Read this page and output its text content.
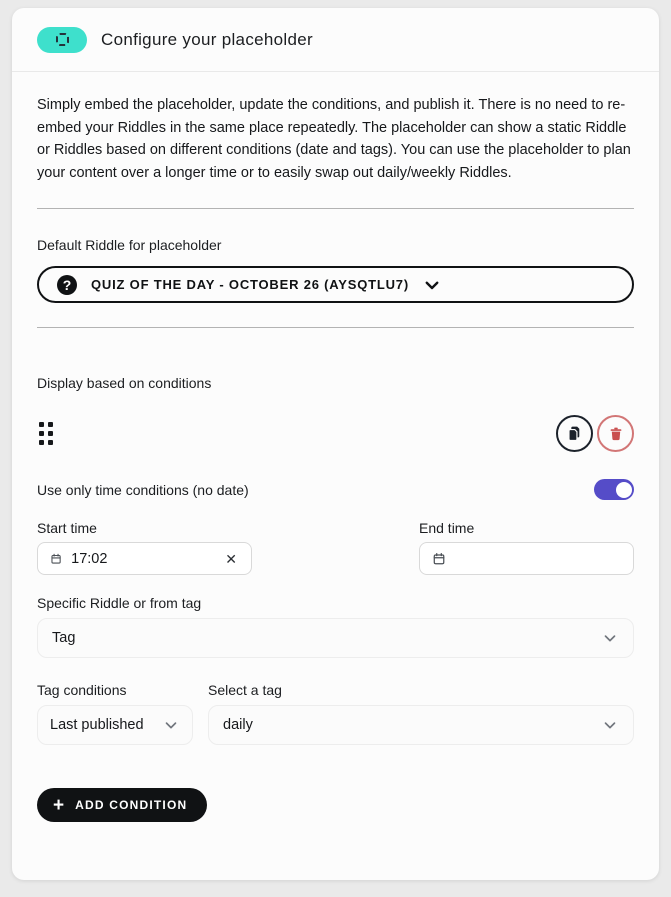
Configure your placeholder

Simply embed the placeholder, update the conditions, and publish it. There is no need to re-embed your Riddles in the same place repeatedly. The placeholder can show a static Riddle or Riddles based on different conditions (date and tags). You can use the placeholder to plan your content over a longer time or to easily swap out daily/weekly Riddles.

Default Riddle for placeholder
?	QUIZ OF THE DAY - OCTOBER 26 (AYSQTLU7)
Display based on conditions
Use only time conditions (no date)
Start time
17:02
✕
End time
Specific Riddle or from tag
Tag
Tag conditions
Last published
Select a tag
daily
+ ADD CONDITION
